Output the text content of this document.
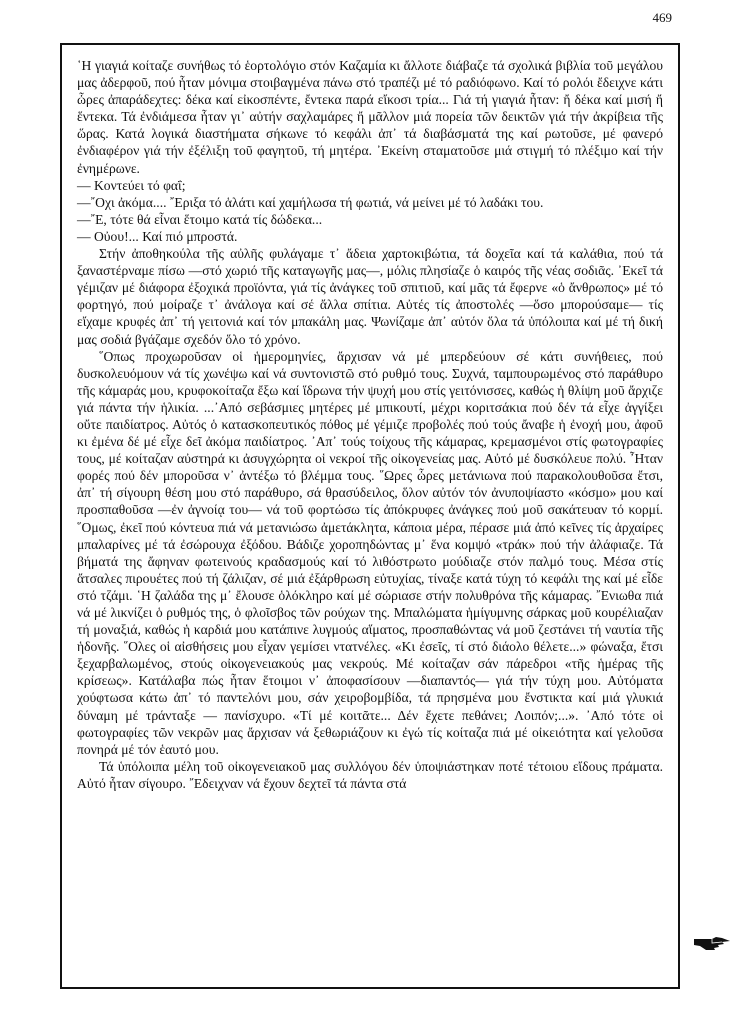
469

῾Η γιαγιά κοίταζε συνήθως τό ἑορτολόγιο στόν Καζαμία κι ἄλλοτε διάβαζε τά σχολικά βιβλία τοῦ μεγάλου μας ἀδερφοῦ, πού ἦταν μόνιμα στοιβαγμένα πάνω στό τραπέζι μέ τό ραδιόφωνο. Καί τό ρολόι ἔδειχνε κάτι ὧρες ἀπαράδεχτες: δέκα καί εἰκοσπέντε, ἔντεκα παρά εἴκοσι τρία... Γιά τή γιαγιά ἦταν: ἤ δέκα καί μισή ἤ ἕντεκα. Τά ἐνδιάμεσα ἦταν γι᾿ αὐτήν σαχλαμάρες ἤ μᾶλλον μιά πορεία τῶν δεικτῶν γιά τήν ἀκρίβεια τῆς ὥρας. Κατά λογικά διαστήματα σήκωνε τό κεφάλι ἀπ᾿ τά διαβάσματά της καί ρωτοῦσε, μέ φανερό ἐνδιαφέρον γιά τήν ἐξέλιξη τοῦ φαγητοῦ, τή μητέρα. ᾿Εκείνη σταματοῦσε μιά στιγμή τό πλέξιμο καί τήν ἐνημέρωνε.

— Κοντεύει τό φαΐ;

—῎Οχι ἀκόμα.... ῎Εριξα τό ἁλάτι καί χαμήλωσα τή φωτιά, νά μείνει μέ τό λαδάκι του.

—῎Ε, τότε θά εἶναι ἕτοιμο κατά τίς δώδεκα...

— Οὐου!... Καί πιό μπροστά.

Στήν ἀποθηκούλα τῆς αὐλῆς φυλάγαμε τ᾿ ἄδεια χαρτοκιβώτια, τά δοχεῖα καί τά καλάθια, πού τά ξαναστέρναμε πίσω —στό χωριό τῆς καταγωγῆς μας—, μόλις πλησίαζε ὁ καιρός τῆς νέας σοδιᾶς. ᾿Εκεῖ τά γέμιζαν μέ διάφορα ἐξοχικά προϊόντα, γιά τίς ἀνάγκες τοῦ σπιτιοῦ, καί μᾶς τά ἔφερνε «ὁ ἄνθρωπος» μέ τό φορτηγό, πού μοίραζε τ᾿ ἀνάλογα καί σέ ἄλλα σπίτια. Αὐτές τίς ἀποστολές —ὅσο μπορούσαμε— τίς εἴχαμε κρυφές ἀπ᾿ τή γειτονιά καί τόν μπακάλη μας. Ψωνίζαμε ἀπ᾿ αὐτόν ὅλα τά ὑπόλοιπα καί μέ τή δική μας σοδιά βγάζαμε σχεδόν ὅλο τό χρόνο.

῞Οπως προχωροῦσαν οἱ ἡμερομηνίες, ἄρχισαν νά μέ μπερδεύουν σέ κάτι συνήθειες, πού δυσκολευόμουν νά τίς χωνέψω καί νά συντονιστῶ στό ρυθμό τους. Συχνά, ταμπουρωμένος στό παράθυρο τῆς κάμαράς μου, κρυφοκοίταζα ἔξω καί ἵδρωνα τήν ψυχή μου στίς γειτόνισσες, καθώς ἡ θλίψη μοῦ ἄρχιζε γιά πάντα τήν ἡλικία. ...᾿Από σεβάσμιες μητέρες μέ μπικουτί, μέχρι κοριτσάκια πού δέν τά εἶχε ἀγγίξει οὔτε παιδίατρος. Αὐτός ὁ κατασκοπευτικός πόθος μέ γέμιζε προβολές πού τούς ἄναβε ἡ ἐνοχή μου, ἀφοῦ κι ἐμένα δέ μέ εἶχε δεῖ ἀκόμα παιδίατρος. ᾿Απ᾿ τούς τοίχους τῆς κάμαρας, κρεμασμένοι στίς φωτογραφίες τους, μέ κοίταζαν αὐστηρά κι ἀσυγχώρητα οἱ νεκροί τῆς οἰκογενείας μας. Αὐτό μέ δυσκόλευε πολύ. ῏Ηταν φορές πού δέν μποροῦσα ν᾿ ἀντέξω τό βλέμμα τους. ῞Ωρες ὧρες μετάνιωνα πού παρακολουθοῦσα ἔτσι, ἀπ᾿ τή σίγουρη θέση μου στό παράθυρο, σά θρασύδειλος, ὅλον αὐτόν τόν ἀνυποψίαστο «κόσμο» μου καί προσπαθοῦσα —ἐν ἀγνοίᾳ του— νά τοῦ φορτώσω τίς ἀπόκρυφες ἀνάγκες πού μοῦ σακάτευαν τό κορμί. ῞Ομως, ἐκεῖ πού κόντευα πιά νά μετανιώσω ἀμετάκλητα, κάποια μέρα, πέρασε μιά ἀπό κεῖνες τίς ἀρχαίρες μπαλαρίνες μέ τά ἐσώρουχα ἐξόδου. Βάδιζε χοροπηδώντας μ᾿ ἕνα κομψό «τράκ» πού τήν ἀλάφιαζε. Τά βήματά της ἄφηναν φωτεινούς κραδασμούς καί τό λιθόστρωτο μούδιαζε στόν παλμό τους. Μέσα στίς ἄτσαλες πιρουέτες πού τή ζάλιζαν, σέ μιά ἐξάρθρωση εὐτυχίας, τίναξε κατά τύχη τό κεφάλι της καί μέ εἶδε στό τζάμι. ῾Η ζαλάδα της μ᾿ ἔλουσε ὁλόκληρο καί μέ σώριασε στήν πολυθρόνα τῆς κάμαρας. ῎Ενιωθα πιά νά μέ λικνίζει ὁ ρυθμός της, ὁ φλοῖσβος τῶν ρούχων της. Μπαλώματα ἡμίγυμνης σάρκας μοῦ κουρέλιαζαν τή μοναξιά, καθώς ἡ καρδιά μου κατάπινε λυγμούς αἵματος, προσπαθώντας νά μοῦ ζεστάνει τή ναυτία τῆς ἡδονῆς. ῞Ολες οἱ αἰσθήσεις μου εἶχαν γεμίσει ντατνέλες. «Κι ἐσεῖς, τί στό διάολο θέλετε...» φώναξα, ἔτσι ξεχαρβαλωμένος, στούς οἰκογενειακούς μας νεκρούς. Μέ κοίταζαν σάν πάρεδροι «τῆς ἡμέρας τῆς κρίσεως». Κατάλαβα πώς ἦταν ἕτοιμοι ν᾿ ἀποφασίσουν —διαπαντός— γιά τήν τύχη μου. Αὐτόματα χούφτωσα κάτω ἀπ᾿ τό παντελόνι μου, σάν χειροβομβίδα, τά πρησμένα μου ἔνστικτα καί μιά γλυκιά δύναμη μέ τράνταξε — πανίσχυρο. «Τί μέ κοιτᾶτε... Δέν ἔχετε πεθάνει; Λοιπόν;...». ᾿Από τότε οἱ φωτογραφίες τῶν νεκρῶν μας ἄρχισαν νά ξεθωριάζουν κι ἐγώ τίς κοίταζα πιά μέ οἰκειότητα καί γελοῦσα πονηρά μέ τόν ἑαυτό μου.

Τά ὑπόλοιπα μέλη τοῦ οἰκογενειακοῦ μας συλλόγου δέν ὑποψιάστηκαν ποτέ τέτοιου εἴδους πράματα. Αὐτό ἦταν σίγουρο. ῎Εδειχναν νά ἔχουν δεχτεῖ τά πάντα στά
